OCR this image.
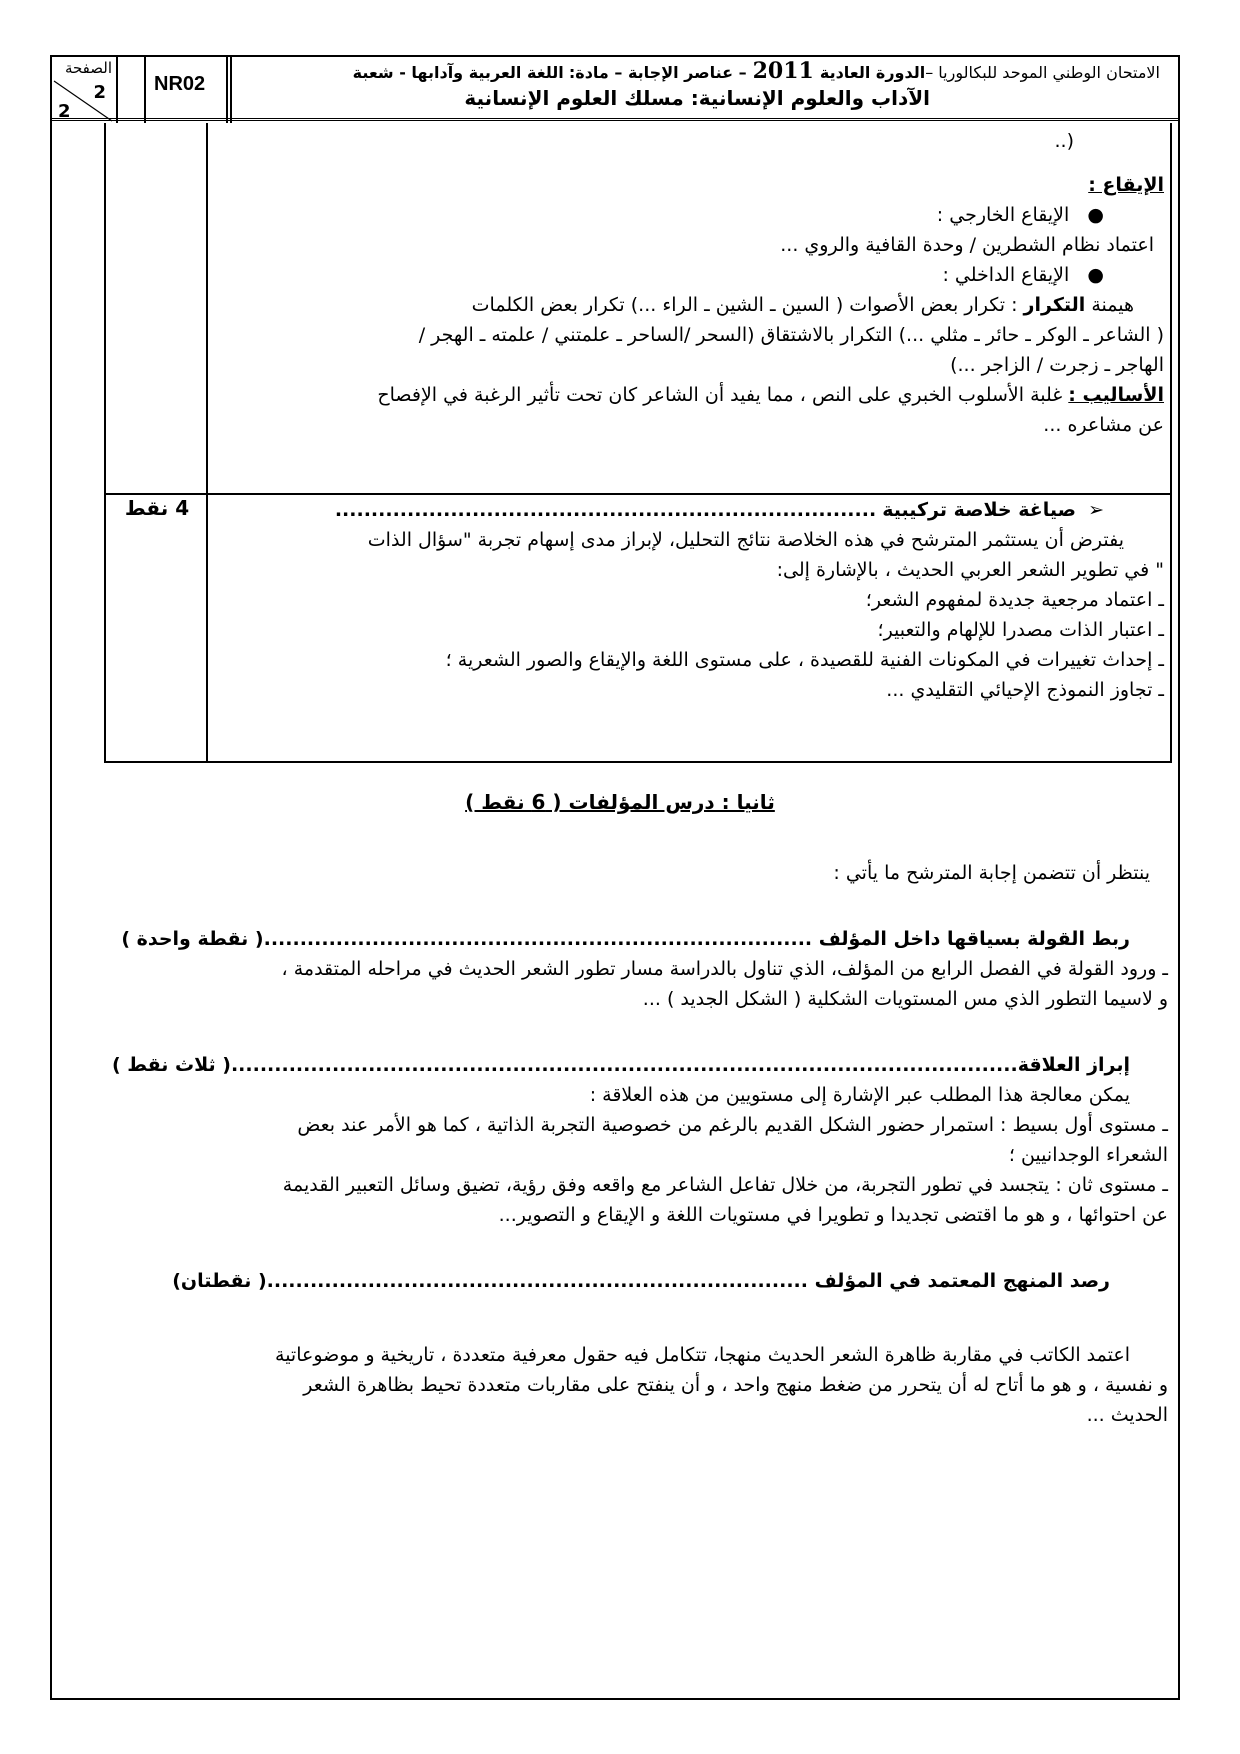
الصفحة
2
2
NR02
الامتحان الوطني الموحد للبكالوريا –الدورة العادية2011– عناصر الإجابة – مادة: اللغة العربية وآدابها - شعبة
الآداب والعلوم الإنسانية: مسلك العلوم الإنسانية
(..
الإيقاع :
●   الإيقاع الخارجي :
اعتماد نظام الشطرين / وحدة القافية والروي ...
●   الإيقاع الداخلي :
هيمنة التكرار : تكرار بعض الأصوات ( السين ـ الشين ـ الراء ...) تكرار بعض الكلمات
( الشاعر ـ الوكر ـ حائر ـ مثلي ...) التكرار بالاشتقاق (السحر /الساحر ـ علمتني / علمته ـ الهجر /
الهاجر ـ زجرت / الزاجر ...)
الأساليب : غلبة الأسلوب الخبري على النص ، مما يفيد أن الشاعر كان تحت تأثير الرغبة في الإفصاح
عن مشاعره ...
4 نقط	➢  صياغة خلاصة تركيبية ...........................................................................
يفترض أن يستثمر المترشح في هذه الخلاصة نتائج التحليل، لإبراز مدى إسهام تجربة "سؤال الذات
" في تطوير الشعر العربي الحديث ، بالإشارة إلى:
ـ اعتماد مرجعية جديدة لمفهوم الشعر؛
ـ اعتبار الذات مصدرا للإلهام والتعبير؛
ـ إحداث تغييرات في المكونات الفنية للقصيدة ، على مستوى اللغة والإيقاع والصور الشعرية ؛
ـ تجاوز النموذج الإحيائي التقليدي ...
ثانيا : درس المؤلفات ( 6 نقط )
ينتظر أن تتضمن إجابة المترشح ما يأتي :
ربط القولة بسياقها داخل المؤلف ............................................................................( نقطة واحدة )
ـ ورود القولة في الفصل الرابع من المؤلف، الذي تناول بالدراسة مسار تطور الشعر الحديث في مراحله المتقدمة ،
و لاسيما التطور الذي مس المستويات الشكلية ( الشكل الجديد ) ...
إبراز العلاقة.............................................................................................................( ثلاث نقط )
يمكن معالجة هذا المطلب عبر الإشارة إلى مستويين من هذه العلاقة :
ـ مستوى أول بسيط : استمرار حضور الشكل القديم بالرغم من خصوصية التجربة الذاتية ، كما هو الأمر عند بعض
الشعراء الوجدانيين ؛
ـ مستوى ثان : يتجسد في تطور التجربة، من خلال تفاعل الشاعر مع واقعه وفق رؤية، تضيق وسائل التعبير القديمة
عن احتوائها ، و هو ما اقتضى تجديدا و تطويرا في مستويات اللغة و الإيقاع و التصوير...
رصد المنهج المعتمد في المؤلف ...........................................................................( نقطتان)
اعتمد الكاتب في مقاربة ظاهرة الشعر الحديث منهجا، تتكامل فيه حقول معرفية متعددة ، تاريخية و موضوعاتية
و نفسية ، و هو ما أتاح له أن يتحرر من ضغط منهج واحد ، و أن ينفتح على مقاربات متعددة تحيط بظاهرة الشعر
الحديث ...
